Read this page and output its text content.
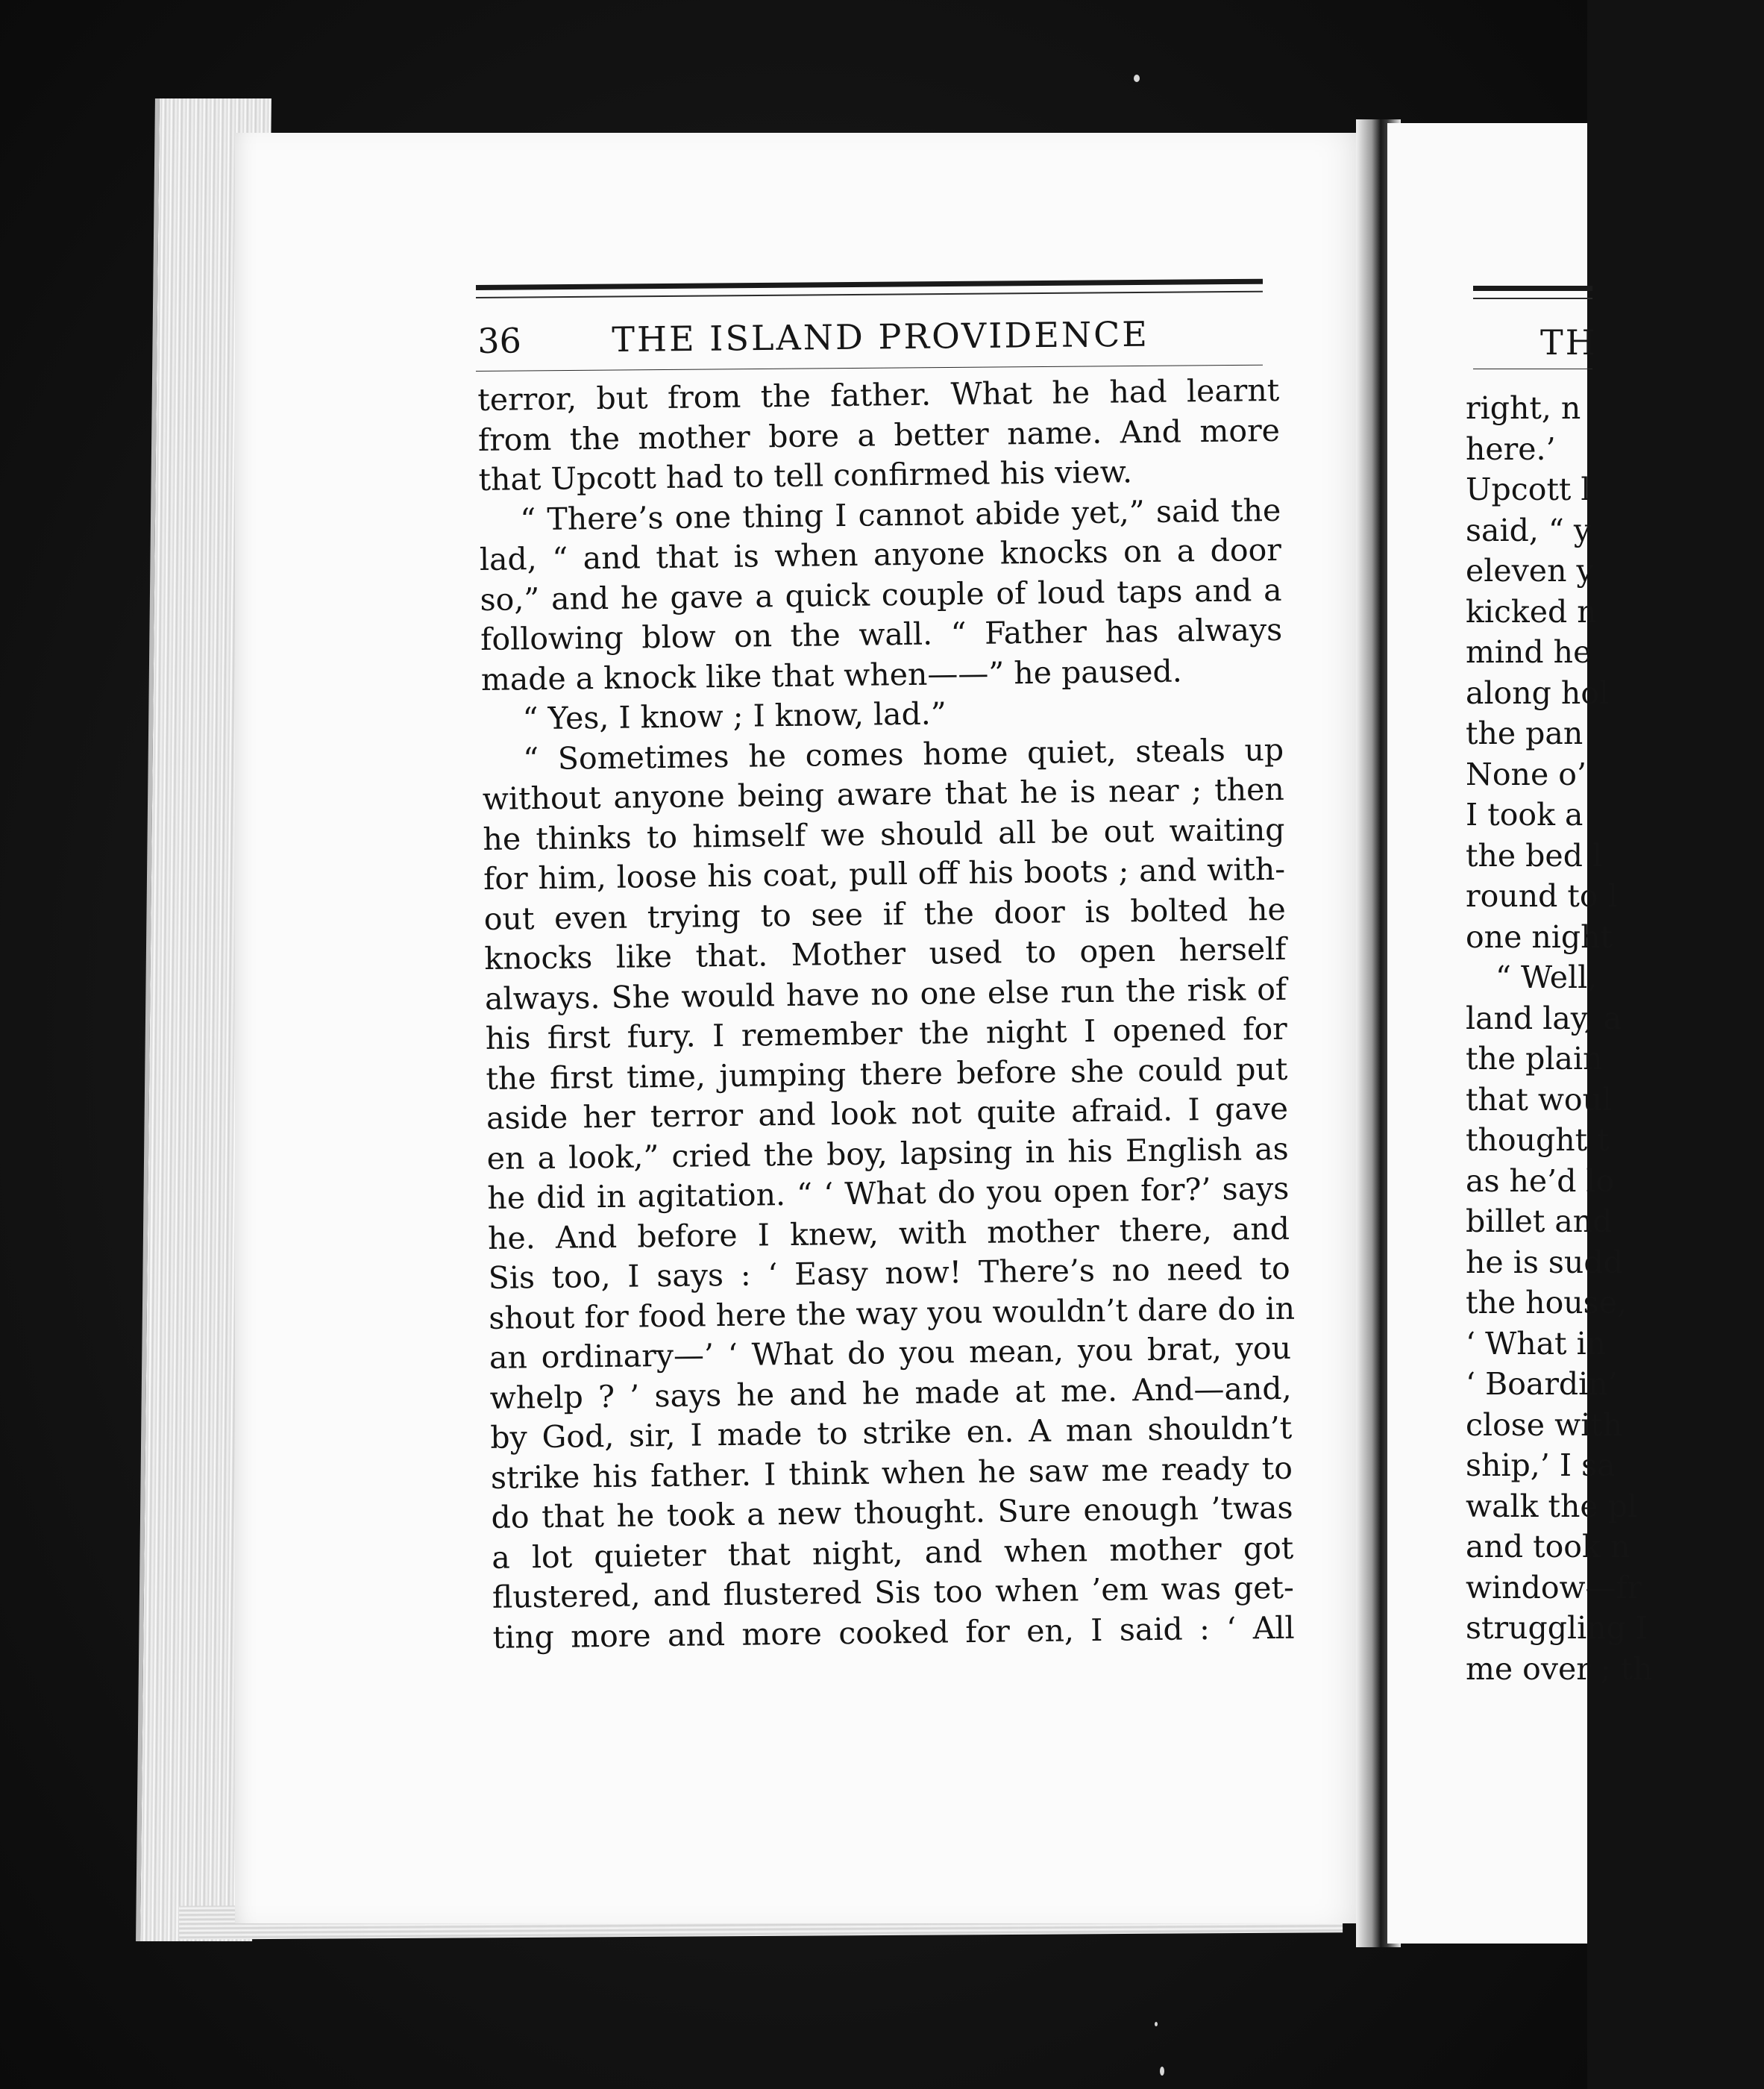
36	THE ISLAND PROVIDENCE
terror, but from the father. What he had learnt
from the mother bore a better name. And more
that Upcott had to tell confirmed his view.
“ There’s one thing I cannot abide yet,” said the
lad, “ and that is when anyone knocks on a door
so,” and he gave a quick couple of loud taps and a
following blow on the wall. “ Father has always
made a knock like that when——” he paused.
“ Yes, I know ; I know, lad.”
“ Sometimes he comes home quiet, steals up
without anyone being aware that he is near ; then
he thinks to himself we should all be out waiting
for him, loose his coat, pull off his boots ; and with-
out even trying to see if the door is bolted he
knocks like that. Mother used to open herself
always. She would have no one else run the risk of
his first fury. I remember the night I opened for
the first time, jumping there before she could put
aside her terror and look not quite afraid. I gave
en a look,” cried the boy, lapsing in his English as
he did in agitation. “ ‘ What do you open for?’ says
he. And before I knew, with mother there, and
Sis too, I says : ‘ Easy now! There’s no need to
shout for food here the way you wouldn’t dare do in
an ordinary—’ ‘ What do you mean, you brat, you
whelp ? ’ says he and he made at me. And—and,
by God, sir, I made to strike en. A man shouldn’t
strike his father. I think when he saw me ready to
do that he took a new thought. Sure enough ’twas
a lot quieter that night, and when mother got
flustered, and flustered Sis too when ’em was get-
ting more and more cooked for en, I said : ‘ All
TH
right, n
here.’
Upcott l
said, “ y
eleven y
kicked n
mind he
along hol
the pan
None o’
I took a
the bed l
round to l
one night
“ Well,
land lay, a
the plain
that woul
thought t
as he’d lo
billet and
he is sudd
the house,
‘ What in
‘ Boardin’
close with
ship,’ I sa
walk the pl
and took n
window—fr
struggling I
me over ; th
